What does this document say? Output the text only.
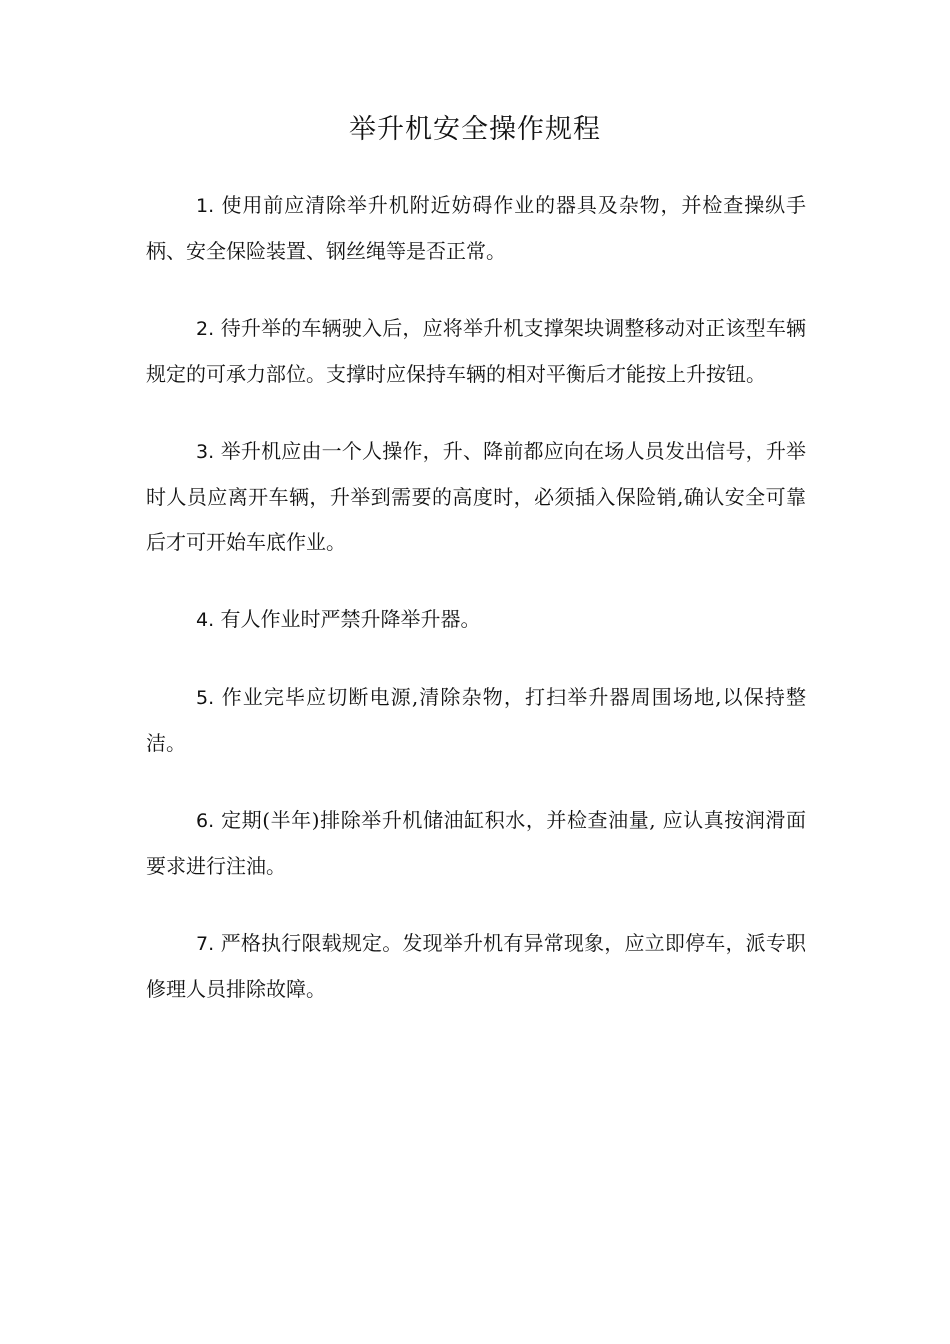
举升机安全操作规程

1. 使用前应清除举升机附近妨碍作业的器具及杂物，并检查操纵手柄、安全保险装置、钢丝绳等是否正常。

2. 待升举的车辆驶入后，应将举升机支撑架块调整移动对正该型车辆规定的可承力部位。支撑时应保持车辆的相对平衡后才能按上升按钮。

3. 举升机应由一个人操作，升、降前都应向在场人员发出信号，升举时人员应离开车辆，升举到需要的高度时，必须插入保险销,确认安全可靠后才可开始车底作业。

4. 有人作业时严禁升降举升器。

5. 作业完毕应切断电源,清除杂物，打扫举升器周围场地,以保持整洁。

6. 定期(半年)排除举升机储油缸积水，并检查油量, 应认真按润滑面要求进行注油。

7. 严格执行限载规定。发现举升机有异常现象，应立即停车，派专职修理人员排除故障。
